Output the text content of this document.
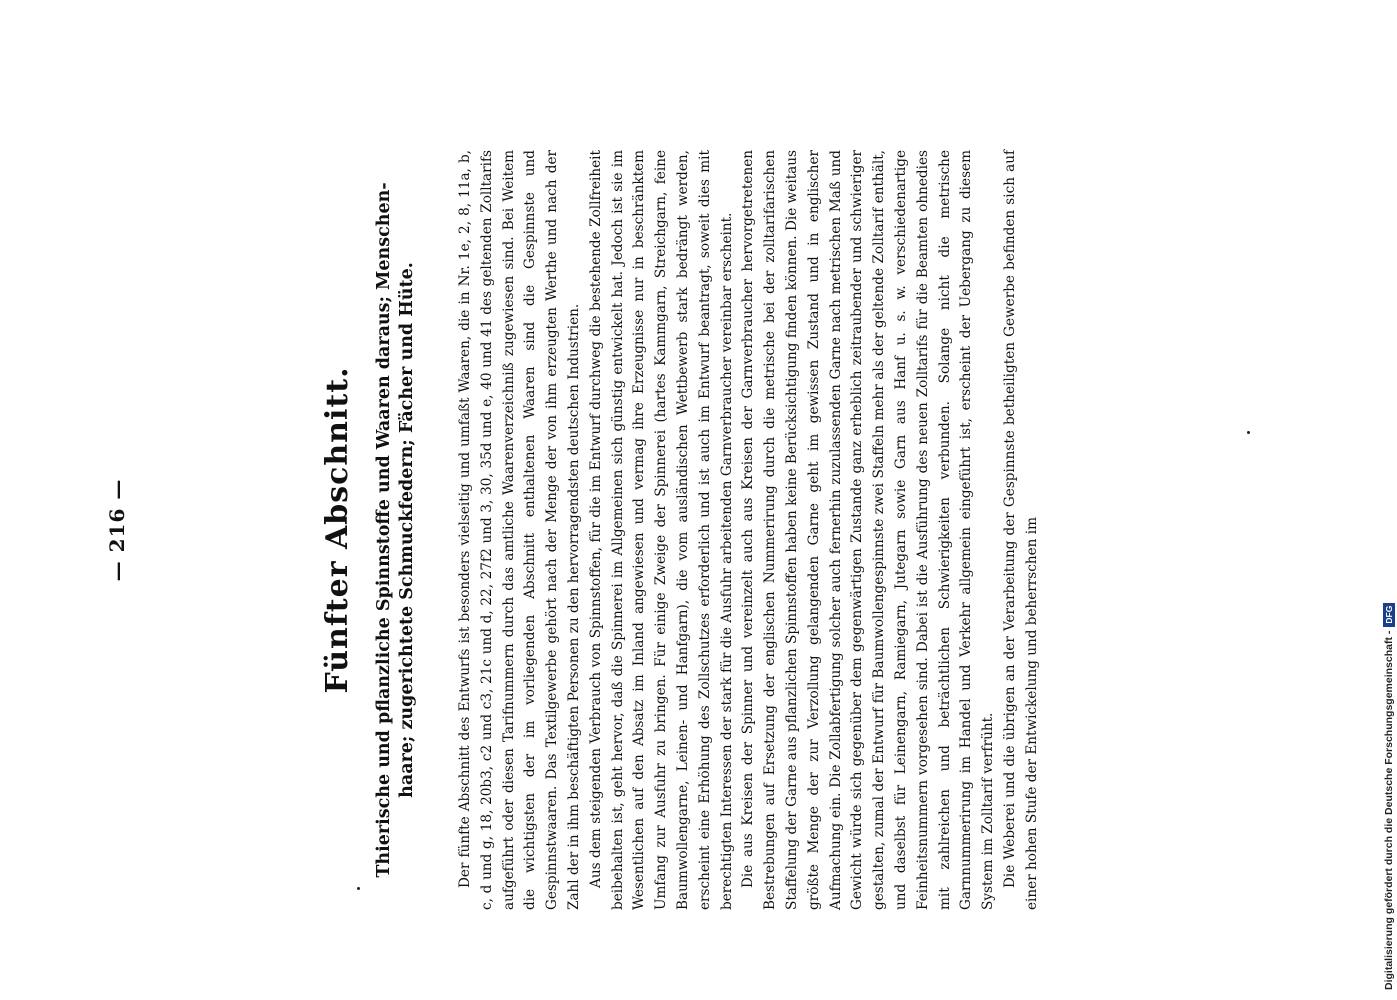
— 216 —	Fünfter Abschnitt. Thierische und pflanzliche Spinnstoffe und Waaren daraus; Menschen- haare; zugerichtete Schmuckfedern; Fächer und Hüte.	Der fünfte Abschnitt des Entwurfs ist besonders vielseitig und umfaßt Waaren, die in Nr. 1e, 2, 8, 11a, b, c, d und g, 18, 20b3, c2 und c3, 21c und d, 22, 27f2 und 3, 30, 35d und e, 40 und 41 des geltenden Zolltarifs aufgeführt oder diesen Tarifnummern durch das amtliche Waarenverzeichniß zugewiesen sind. Bei Weitem die wichtigsten der im vorliegenden Abschnitt enthaltenen Waaren sind die Gespinnste und Gespinnstwaaren. Das Textilgewerbe gehört nach der Menge der von ihm erzeugten Werthe und nach der Zahl der in ihm beschäftigten Personen zu den hervorragendsten deutschen Industrien. Aus dem steigenden Verbrauch von Spinnstoffen, für die im Entwurf durchweg die bestehende Zollfreiheit beibehalten ist, geht hervor, daß die Spinnerei im Allgemeinen sich günstig entwickelt hat. Jedoch ist sie im Wesentlichen auf den Absatz im Inland angewiesen und vermag ihre Erzeugnisse nur in beschränktem Umfang zur Ausfuhr zu bringen. Für einige Zweige der Spinnerei (hartes Kammgarn, Streichgarn, feine Baumwollengarne, Leinen- und Hanfgarn), die vom ausländischen Wettbewerb stark bedrängt werden, erscheint eine Erhöhung des Zollschutzes erforderlich und ist auch im Entwurf beantragt, soweit dies mit berechtigten Interessen der stark für die Ausfuhr arbeitenden Garnverbraucher vereinbar erscheint. Die aus Kreisen der Spinner und vereinzelt auch aus Kreisen der Garnverbraucher hervorgetretenen Bestrebungen auf Ersetzung der englischen Nummerirung durch die metrische bei der zolltarifarischen Staffelung der Garne aus pflanzlichen Spinnstoffen haben keine Berücksichtigung finden können. Die weitaus größte Menge der zur Verzollung gelangenden Garne geht im gewissen Zustand und in englischer Aufmachung ein. Die Zollabfertigung solcher auch fernerhin zuzulassenden Garne nach metrischen Maß und Gewicht würde sich gegenüber dem gegenwärtigen Zustande ganz erheblich zeitraubender und schwieriger gestalten, zumal der Entwurf für Baumwollengespinnste zwei Staffeln mehr als der geltende Zolltarif enthält, und daselbst für Leinengarn, Ramiegarn, Jutegarn sowie Garn aus Hanf u. s. w. verschiedenartige Feinheitsnummern vorgesehen sind. Dabei ist die Ausführung des neuen Zolltarifs für die Beamten ohnedies mit zahlreichen und beträchtlichen Schwierigkeiten verbunden. Solange nicht die metrische Garnnummerirung im Handel und Verkehr allgemein eingeführt ist, erscheint der Uebergang zu diesem System im Zolltarif verfrüht. Die Weberei und die übrigen an der Verarbeitung der Gespinnste betheiligten Gewerbe befinden sich auf einer hohen Stufe der Entwickelung und beherrschen im	Digitalisierung gefördert durch die Deutsche Forschungsgemeinschaft -DFG
